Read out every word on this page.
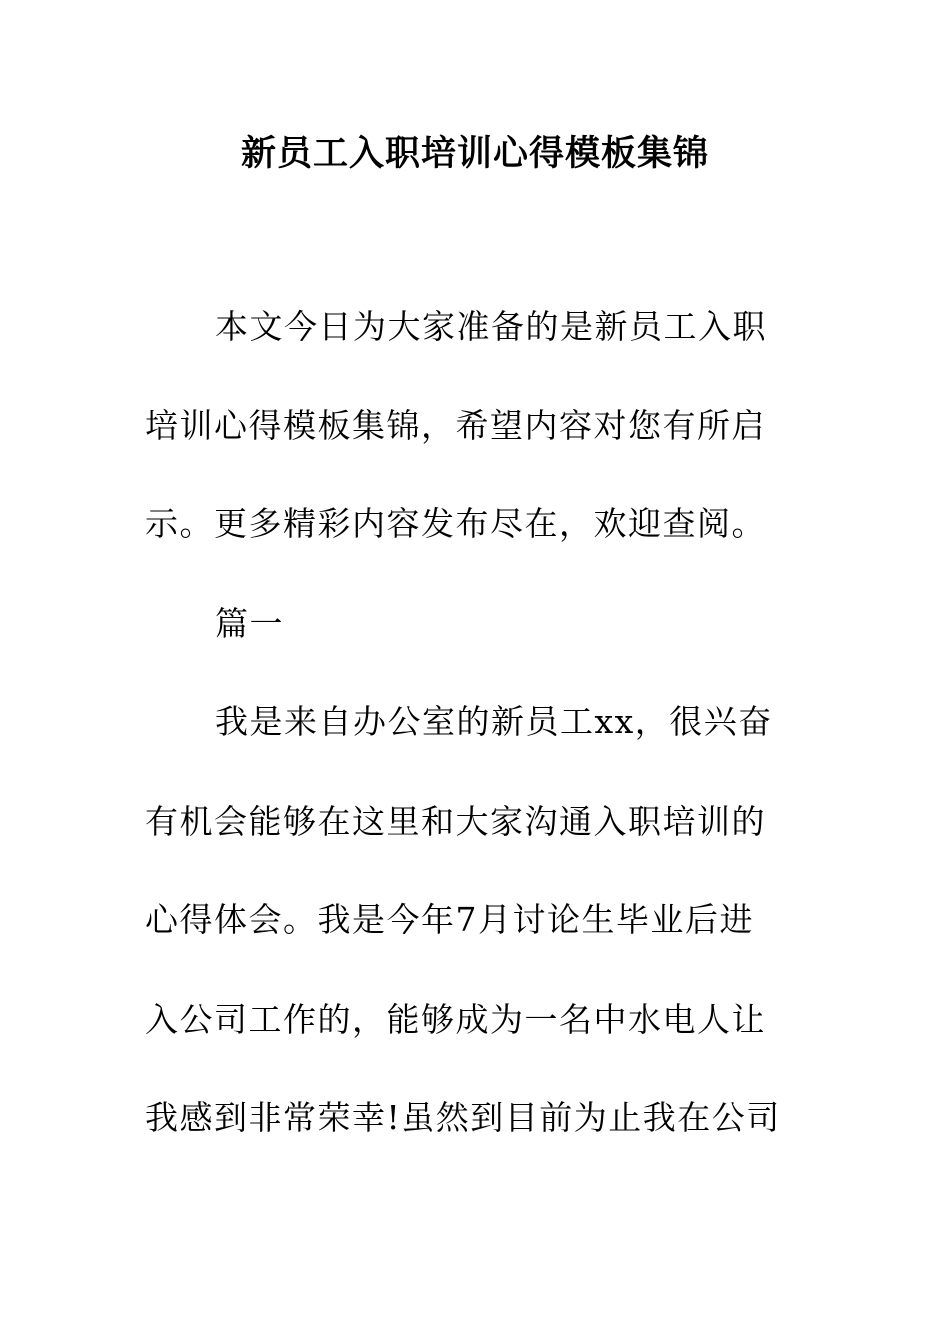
新员工入职培训心得模板集锦
本文今日为大家准备的是新员工入职
培训心得模板集锦，希望内容对您有所启
示。更多精彩内容发布尽在，欢迎查阅。
篇一
我是来自办公室的新员工xx，很兴奋
有机会能够在这里和大家沟通入职培训的
心得体会。我是今年7月讨论生毕业后进
入公司工作的，能够成为一名中水电人让
我感到非常荣幸!虽然到目前为止我在公司
